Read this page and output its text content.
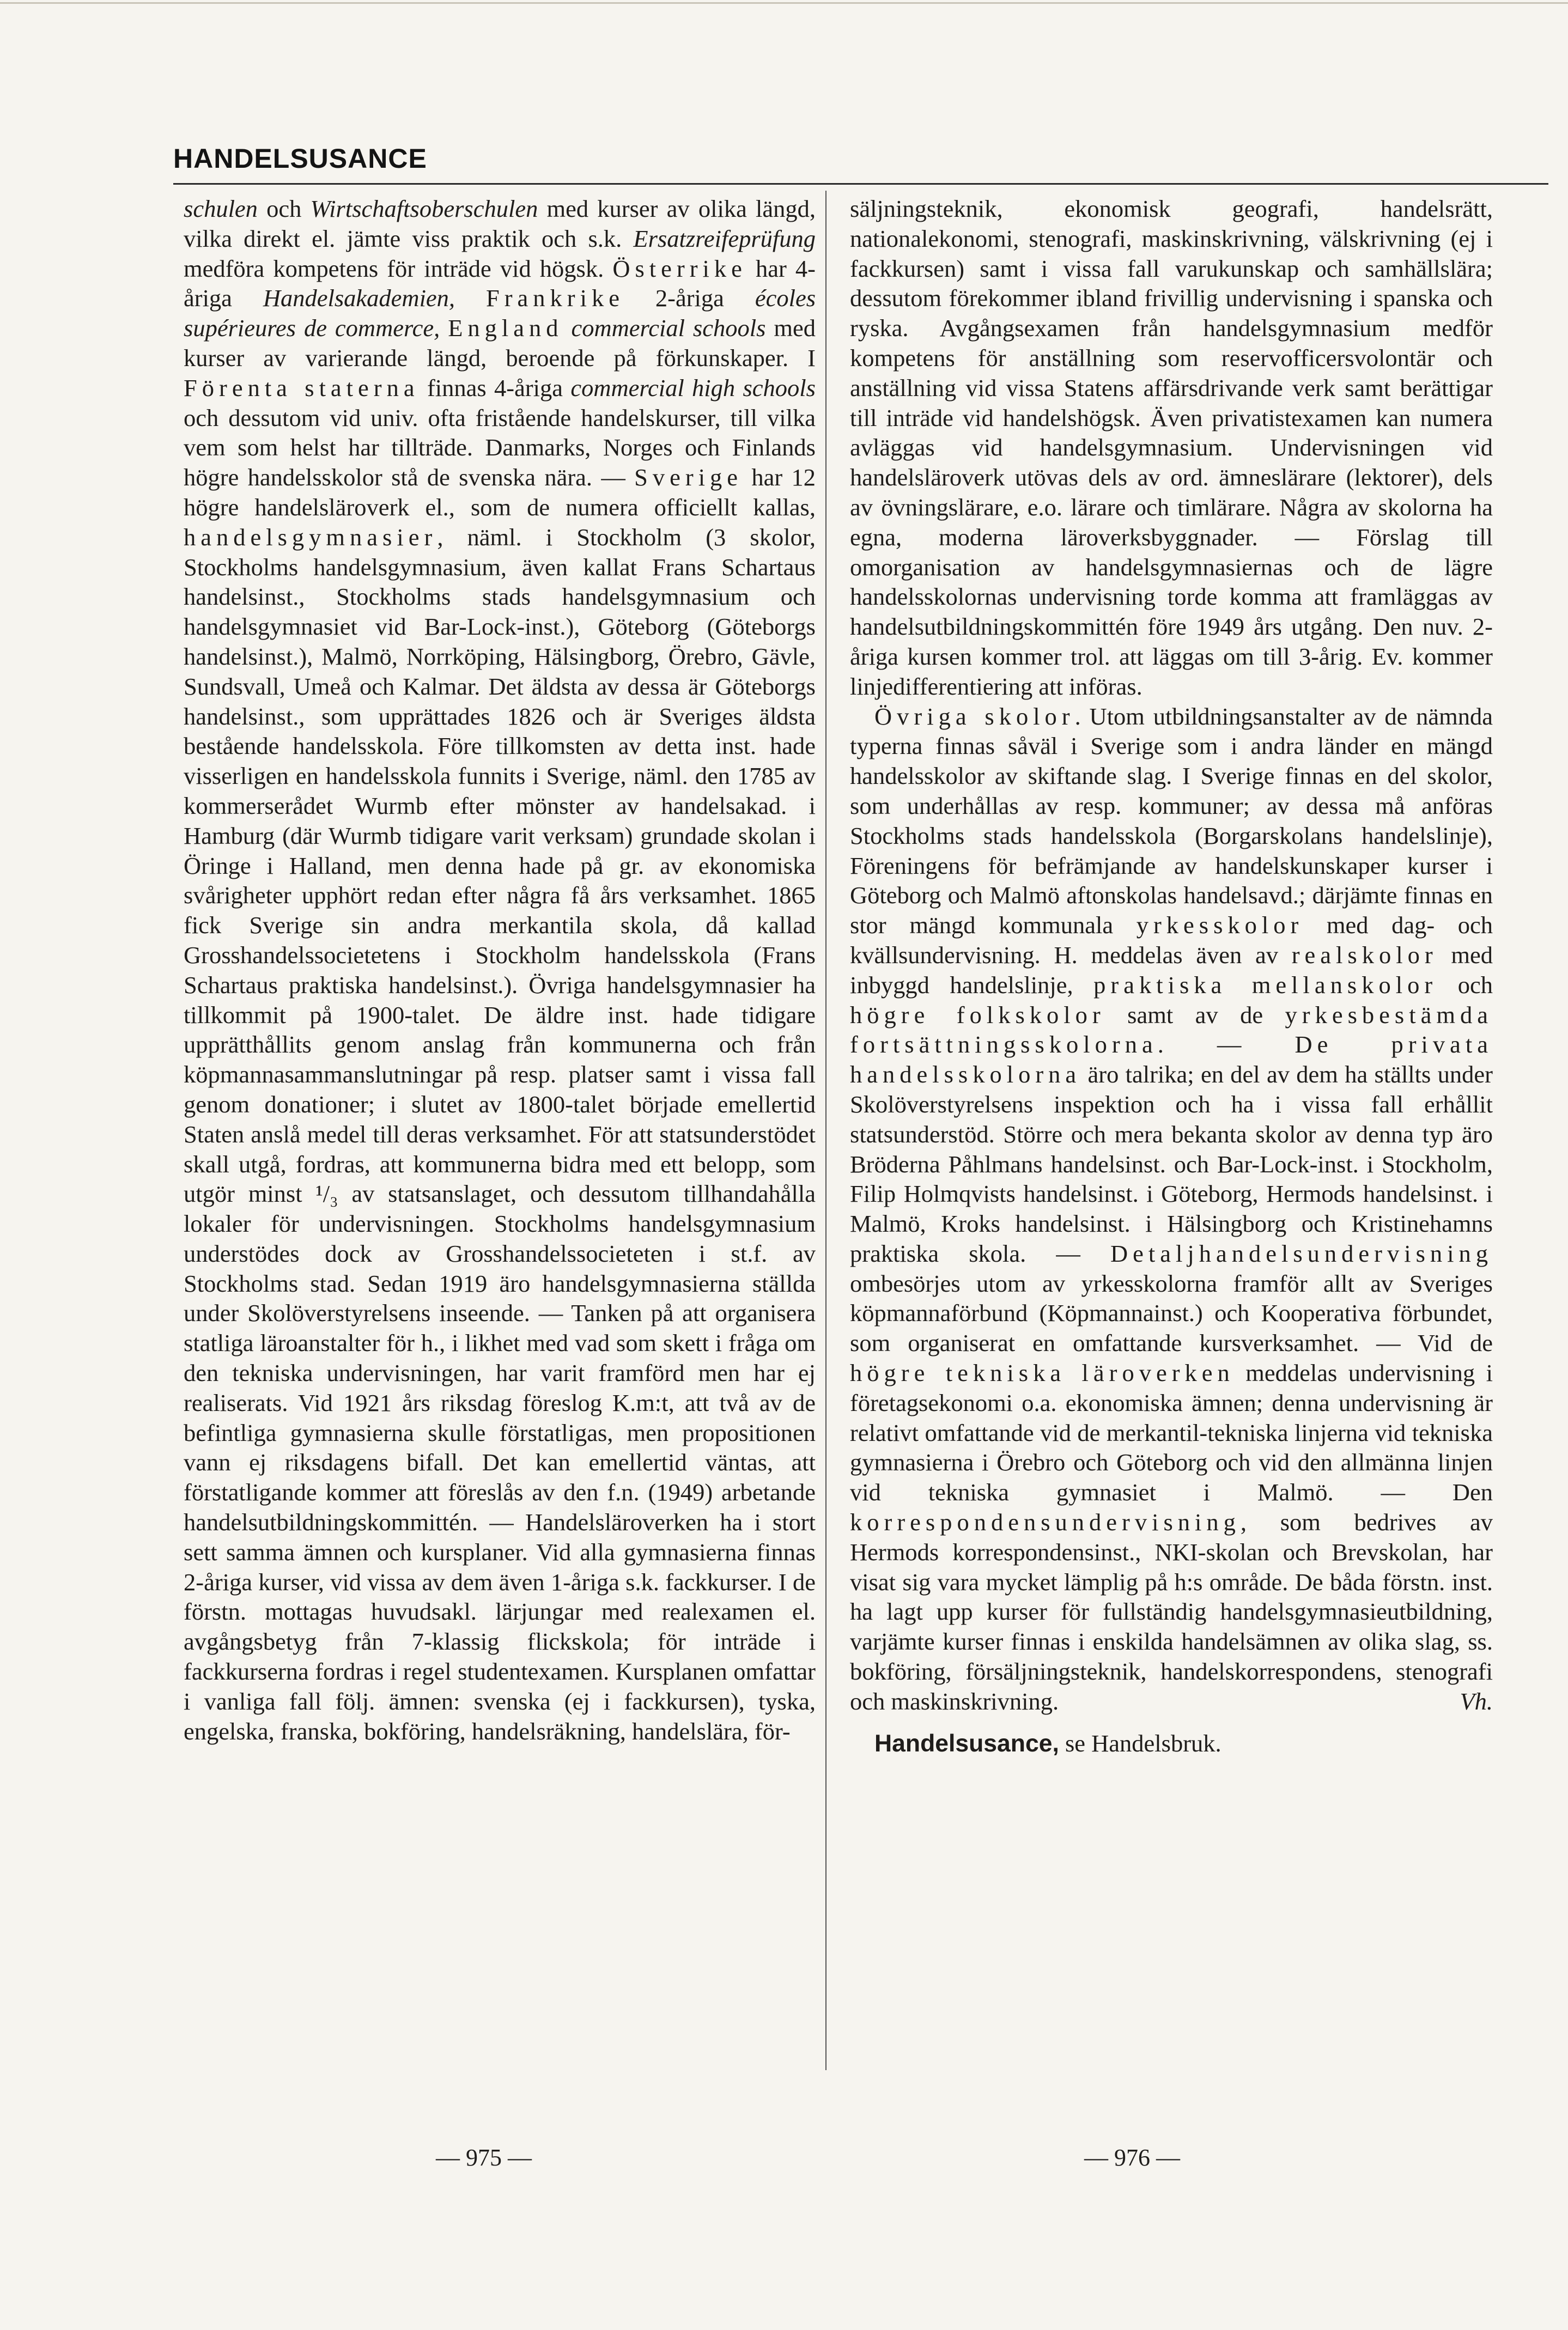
HANDELSUSANCE

schulen och Wirtschaftsoberschulen med kurser av olika längd, vilka direkt el. jämte viss praktik och s.k. Ersatzreifeprüfung medföra kompetens för inträde vid högsk. Österrike har 4-åriga Handelsakademien, Frankrike 2-åriga écoles supérieures de commerce, England commercial schools med kurser av varierande längd, beroende på förkunskaper. I Förenta staterna finnas 4-åriga commercial high schools och dessutom vid univ. ofta fristående handelskurser, till vilka vem som helst har tillträde. Danmarks, Norges och Finlands högre handelsskolor stå de svenska nära. — Sverige har 12 högre handelsläroverk el., som de numera officiellt kallas, handelsgymnasier, näml. i Stockholm (3 skolor, Stockholms handelsgymnasium, även kallat Frans Schartaus handelsinst., Stockholms stads handelsgymnasium och handelsgymnasiet vid Bar-Lock-inst.), Göteborg (Göteborgs handelsinst.), Malmö, Norrköping, Hälsingborg, Örebro, Gävle, Sundsvall, Umeå och Kalmar. Det äldsta av dessa är Göteborgs handelsinst., som upprättades 1826 och är Sveriges äldsta bestående handelsskola. Före tillkomsten av detta inst. hade visserligen en handelsskola funnits i Sverige, näml. den 1785 av kommerserådet Wurmb efter mönster av handelsakad. i Hamburg (där Wurmb tidigare varit verksam) grundade skolan i Öringe i Halland, men denna hade på gr. av ekonomiska svårigheter upphört redan efter några få års verksamhet. 1865 fick Sverige sin andra merkantila skola, då kallad Grosshandelssocietetens i Stockholm handelsskola (Frans Schartaus praktiska handelsinst.). Övriga handelsgymnasier ha tillkommit på 1900-talet. De äldre inst. hade tidigare upprätthållits genom anslag från kommunerna och från köpmannasammanslutningar på resp. platser samt i vissa fall genom donationer; i slutet av 1800-talet började emellertid Staten anslå medel till deras verksamhet. För att statsunderstödet skall utgå, fordras, att kommunerna bidra med ett belopp, som utgör minst ¹/₃ av statsanslaget, och dessutom tillhandahålla lokaler för undervisningen. Stockholms handelsgymnasium understödes dock av Grosshandelssocieteten i st.f. av Stockholms stad. Sedan 1919 äro handelsgymnasierna ställda under Skolöverstyrelsens inseende. — Tanken på att organisera statliga läroanstalter för h., i likhet med vad som skett i fråga om den tekniska undervisningen, har varit framförd men har ej realiserats. Vid 1921 års riksdag föreslog K.m:t, att två av de befintliga gymnasierna skulle förstatligas, men propositionen vann ej riksdagens bifall. Det kan emellertid väntas, att förstatligande kommer att föreslås av den f.n. (1949) arbetande handelsutbildningskommittén. — Handelsläroverken ha i stort sett samma ämnen och kursplaner. Vid alla gymnasierna finnas 2-åriga kurser, vid vissa av dem även 1-åriga s.k. fackkurser. I de förstn. mottagas huvudsakl. lärjungar med realexamen el. avgångsbetyg från 7-klassig flickskola; för inträde i fackkurserna fordras i regel studentexamen. Kursplanen omfattar i vanliga fall följ. ämnen: svenska (ej i fackkursen), tyska, engelska, franska, bokföring, handelsräkning, handelslära, för-

säljningsteknik, ekonomisk geografi, handelsrätt, nationalekonomi, stenografi, maskinskrivning, välskrivning (ej i fackkursen) samt i vissa fall varukunskap och samhällslära; dessutom förekommer ibland frivillig undervisning i spanska och ryska. Avgångsexamen från handelsgymnasium medför kompetens för anställning som reservofficersvolontär och anställning vid vissa Statens affärsdrivande verk samt berättigar till inträde vid handelshögsk. Även privatistexamen kan numera avläggas vid handelsgymnasium. Undervisningen vid handelsläroverk utövas dels av ord. ämneslärare (lektorer), dels av övningslärare, e.o. lärare och timlärare. Några av skolorna ha egna, moderna läroverksbyggnader. — Förslag till omorganisation av handelsgymnasiernas och de lägre handelsskolornas undervisning torde komma att framläggas av handelsutbildningskommittén före 1949 års utgång. Den nuv. 2-åriga kursen kommer trol. att läggas om till 3-årig. Ev. kommer linjedifferentiering att införas.

Övriga skolor. Utom utbildningsanstalter av de nämnda typerna finnas såväl i Sverige som i andra länder en mängd handelsskolor av skiftande slag. I Sverige finnas en del skolor, som underhållas av resp. kommuner; av dessa må anföras Stockholms stads handelsskola (Borgarskolans handelslinje), Föreningens för befrämjande av handelskunskaper kurser i Göteborg och Malmö aftonskolas handelsavd.; därjämte finnas en stor mängd kommunala yrkesskolor med dag- och kvällsundervisning. H. meddelas även av realskolor med inbyggd handelslinje, praktiska mellanskolor och högre folkskolor samt av de yrkesbestämda fortsättningsskolorna. — De privata handelsskolorna äro talrika; en del av dem ha ställts under Skolöverstyrelsens inspektion och ha i vissa fall erhållit statsunderstöd. Större och mera bekanta skolor av denna typ äro Bröderna Påhlmans handelsinst. och Bar-Lock-inst. i Stockholm, Filip Holmqvists handelsinst. i Göteborg, Hermods handelsinst. i Malmö, Kroks handelsinst. i Hälsingborg och Kristinehamns praktiska skola. — Detaljhandelsundervisning ombesörjes utom av yrkesskolorna framför allt av Sveriges köpmannaförbund (Köpmannainst.) och Kooperativa förbundet, som organiserat en omfattande kursverksamhet. — Vid de högre tekniska läroverken meddelas undervisning i företagsekonomi o.a. ekonomiska ämnen; denna undervisning är relativt omfattande vid de merkantil-tekniska linjerna vid tekniska gymnasierna i Örebro och Göteborg och vid den allmänna linjen vid tekniska gymnasiet i Malmö. — Den korrespondensundervisning, som bedrives av Hermods korrespondensinst., NKI-skolan och Brevskolan, har visat sig vara mycket lämplig på h:s område. De båda förstn. inst. ha lagt upp kurser för fullständig handelsgymnasieutbildning, varjämte kurser finnas i enskilda handelsämnen av olika slag, ss. bokföring, försäljningsteknik, handelskorrespondens, stenografi och maskinskrivning.	Vh.

Handelsusance, se Handelsbruk.

— 975 —	— 976 —
